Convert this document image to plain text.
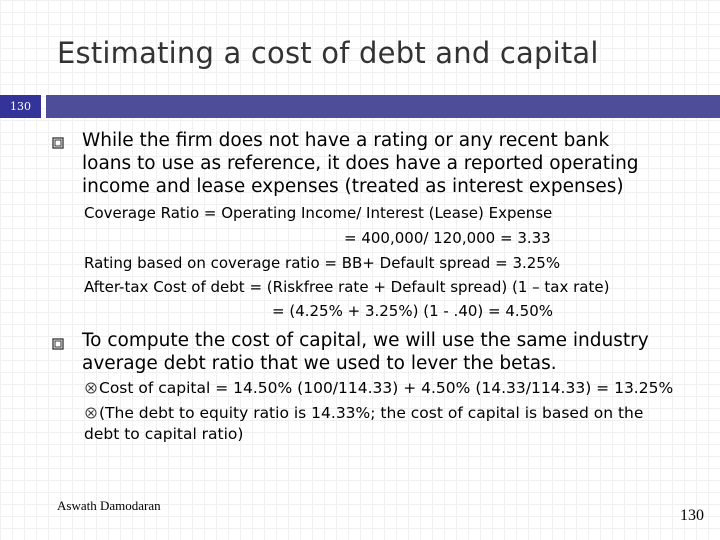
Estimating a cost of debt and capital
130
While the firm does not have a rating or any recent bank
loans to use as reference, it does have a reported operating
income and lease expenses (treated as interest expenses)
Coverage Ratio = Operating Income/ Interest (Lease) Expense
= 400,000/ 120,000 = 3.33
Rating based on coverage ratio = BB+ Default spread = 3.25%
After-tax Cost of debt = (Riskfree rate + Default spread) (1 – tax rate)
= (4.25% + 3.25%) (1 - .40) = 4.50%
To compute the cost of capital, we will use the same industry
average debt ratio that we used to lever the betas.
Cost of capital = 14.50% (100/114.33) + 4.50% (14.33/114.33) = 13.25%
(The debt to equity ratio is 14.33%; the cost of capital is based on the
debt to capital ratio)
Aswath Damodaran
130
